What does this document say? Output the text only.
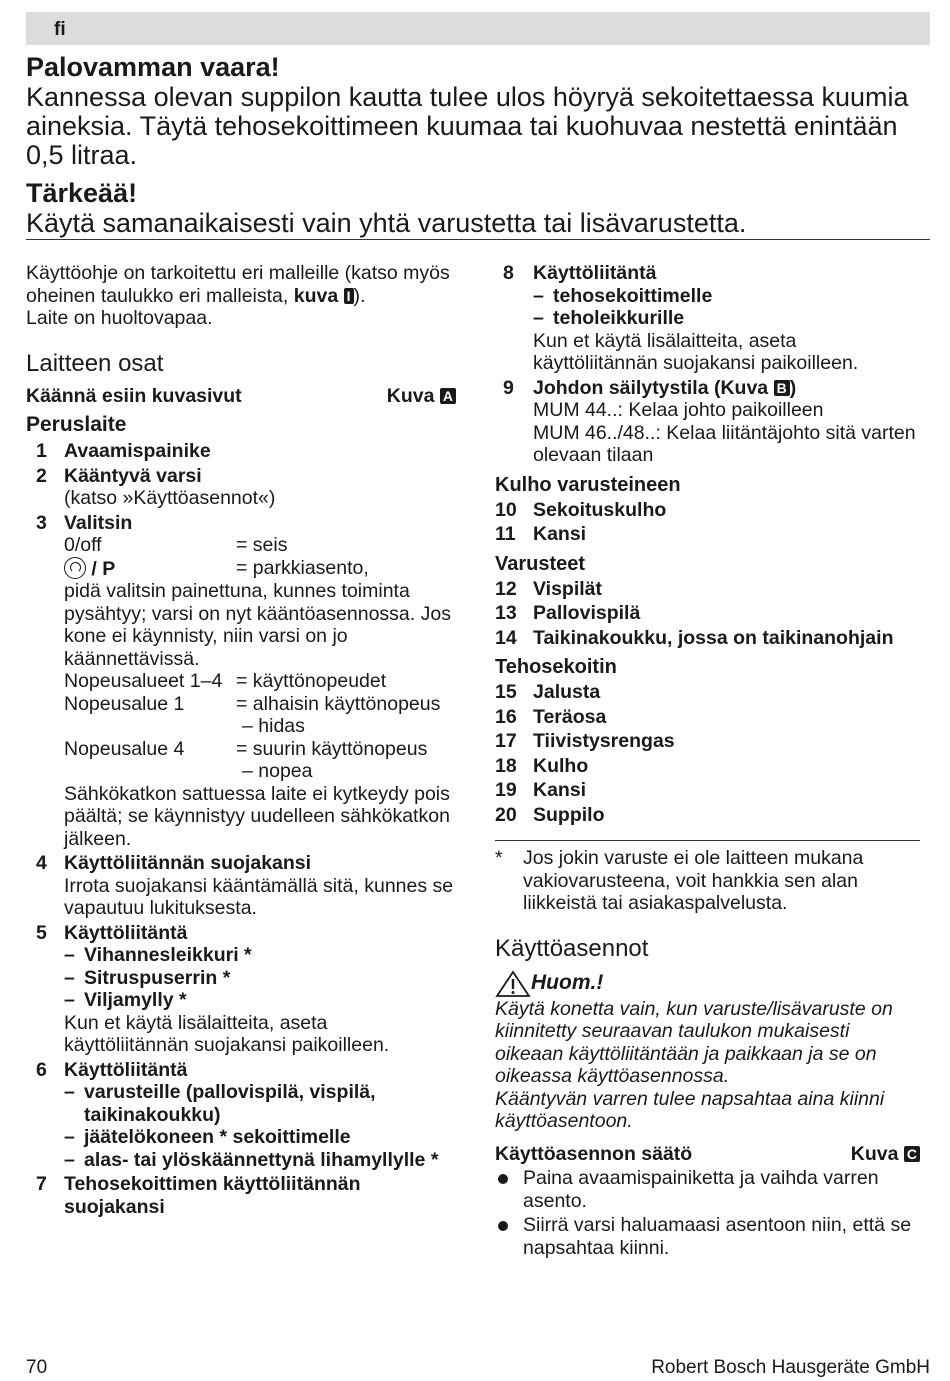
fi
Palovamman vaara!
Kannessa olevan suppilon kautta tulee ulos höyryä sekoitettaessa kuumia aineksia. Täytä tehosekoittimeen kuumaa tai kuohuvaa nestettä enintään 0,5 litraa.
Tärkeää!
Käytä samanaikaisesti vain yhtä varustetta tai lisävarustetta.
Käyttöohje on tarkoitettu eri malleille (katso myös oheinen taulukko eri malleista, kuva I ).
Laite on huoltovapaa.
Laitteen osat
Käännä esiin kuvasivut	Kuva A
Peruslaite
1 Avaamispainike
2 Kääntyvä varsi
(katso »Käyttöasennot«)
3 Valitsin
0/off	= seis
/ P	= parkkiasento,
pidä valitsin painettuna, kunnes toiminta pysähtyy; varsi on nyt kääntöasennossa. Jos kone ei käynnisty, niin varsi on jo käännettävissä.
Nopeusalueet 1–4 = käyttönopeudet
Nopeusalue 1	= alhaisin käyttönopeus
– hidas
Nopeusalue 4	= suurin käyttönopeus
– nopea
Sähkökatkon sattuessa laite ei kytkeydy pois päältä; se käynnistyy uudelleen sähkökatkon jälkeen.
4 Käyttöliitännän suojakansi
Irrota suojakansi kääntämällä sitä, kunnes se vapautuu lukituksesta.
5 Käyttöliitäntä
– Vihannesleikkuri *
– Sitruspuserrin *
– Viljamylly *
Kun et käytä lisälaitteita, aseta käyttöliitännän suojakansi paikoilleen.
6 Käyttöliitäntä
– varusteille (pallovispilä, vispilä, taikinakoukku)
– jäätelökoneen * sekoittimelle
– alas- tai ylöskäännettynä lihamyllylle *
7 Tehosekoittimen käyttöliitännän suojakansi
8 Käyttöliitäntä
– tehosekoittimelle
– teholeikkurille
Kun et käytä lisälaitteita, aseta käyttöliitännän suojakansi paikoilleen.
9 Johdon säilytystila (Kuva B )
MUM 44..: Kelaa johto paikoilleen
MUM 46../48..: Kelaa liitäntäjohto sitä varten olevaan tilaan
Kulho varusteineen
10 Sekoituskulho
11 Kansi
Varusteet
12 Vispilät
13 Pallovispilä
14 Taikinakoukku, jossa on taikinanohjain
Tehosekoitin
15 Jalusta
16 Teräosa
17 Tiivistysrengas
18 Kulho
19 Kansi
20 Suppilo
*	Jos jokin varuste ei ole laitteen mukana vakiovarusteena, voit hankkia sen alan liikkeistä tai asiakaspalvelusta.
Käyttöasennot
Huom.!
Käytä konetta vain, kun varuste/lisävaruste on kiinnitetty seuraavan taulukon mukaisesti oikeaan käyttöliitäntään ja paikkaan ja se on oikeassa käyttöasennossa.
Kääntyvän varren tulee napsahtaa aina kiinni käyttöasentoon.
Käyttöasennon säätö	Kuva C
Paina avaamispainiketta ja vaihda varren asento.
Siirrä varsi haluamaasi asentoon niin, että se napsahtaa kiinni.
70	Robert Bosch Hausgeräte GmbH
